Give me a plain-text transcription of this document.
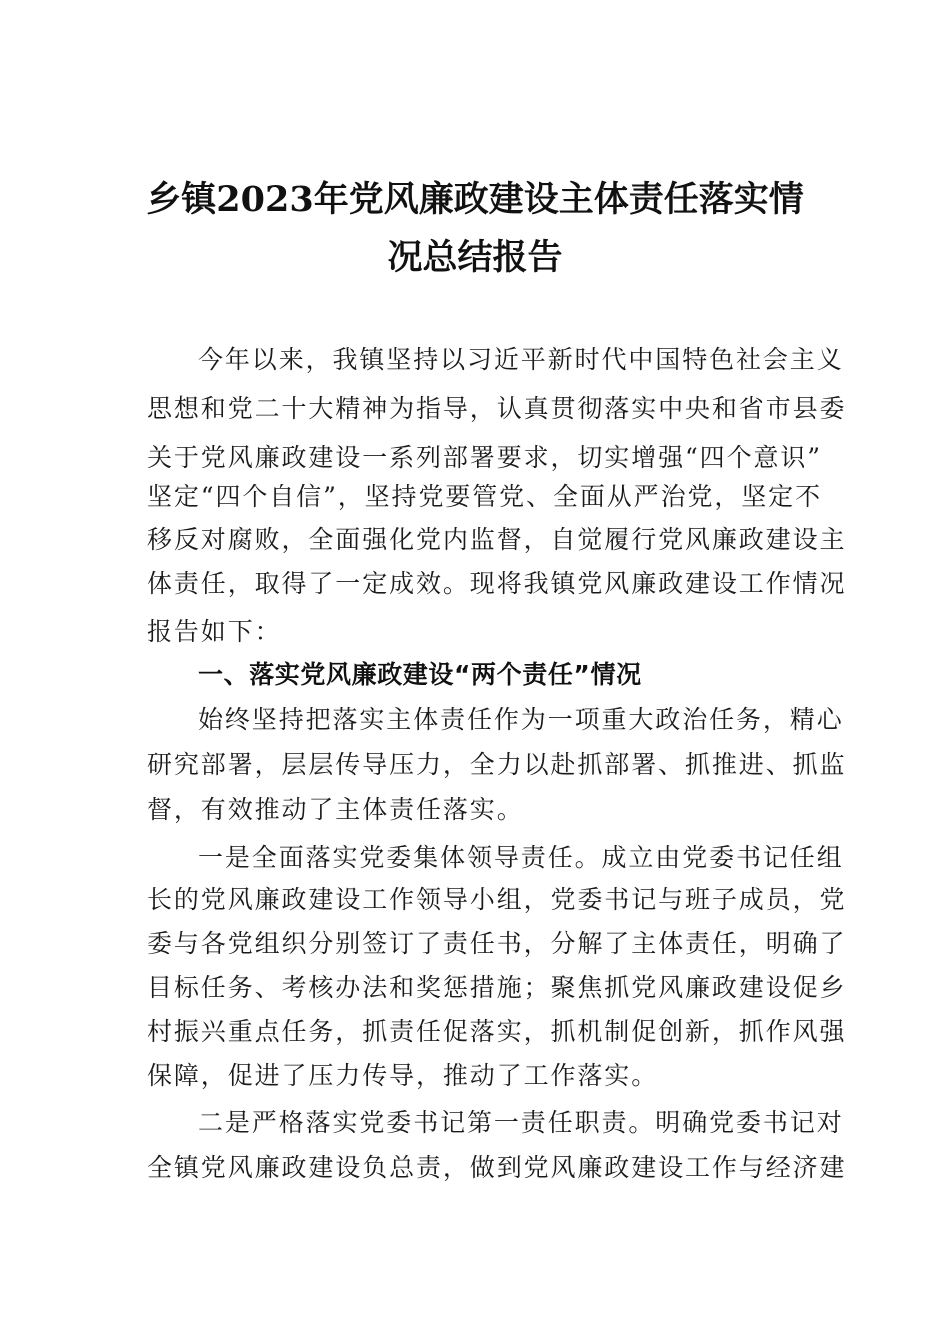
乡镇2023年党风廉政建设主体责任落实情
况总结报告
今年以来，我镇坚持以习近平新时代中国特色社会主义
思想和党二十大精神为指导，认真贯彻落实中央和省市县委
关于党风廉政建设一系列部署要求，切实增强“四个意识”
坚定“四个自信”，坚持党要管党、全面从严治党，坚定不
移反对腐败，全面强化党内监督，自觉履行党风廉政建设主
体责任，取得了一定成效。现将我镇党风廉政建设工作情况
报告如下：
一、落实党风廉政建设“两个责任”情况
始终坚持把落实主体责任作为一项重大政治任务，精心
研究部署，层层传导压力，全力以赴抓部署、抓推进、抓监
督，有效推动了主体责任落实。
一是全面落实党委集体领导责任。成立由党委书记任组
长的党风廉政建设工作领导小组，党委书记与班子成员，党
委与各党组织分别签订了责任书，分解了主体责任，明确了
目标任务、考核办法和奖惩措施；聚焦抓党风廉政建设促乡
村振兴重点任务，抓责任促落实，抓机制促创新，抓作风强
保障，促进了压力传导，推动了工作落实。
二是严格落实党委书记第一责任职责。明确党委书记对
全镇党风廉政建设负总责，做到党风廉政建设工作与经济建
